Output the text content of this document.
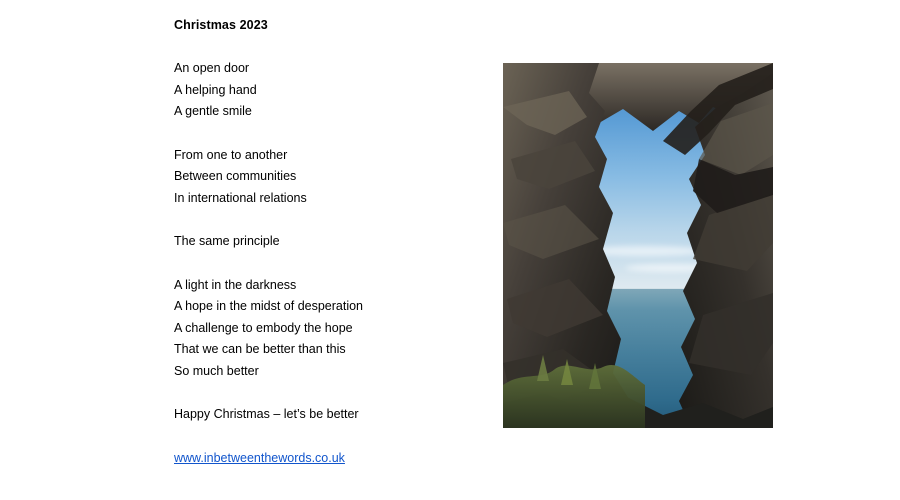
Christmas 2023
An open door
A helping hand
A gentle smile
From one to another
Between communities
In international relations
The same principle
A light in the darkness
A hope in the midst of desperation
A challenge to embody the hope
That we can be better than this
So much better
Happy Christmas – let’s be better
www.inbetweenthewords.co.uk
